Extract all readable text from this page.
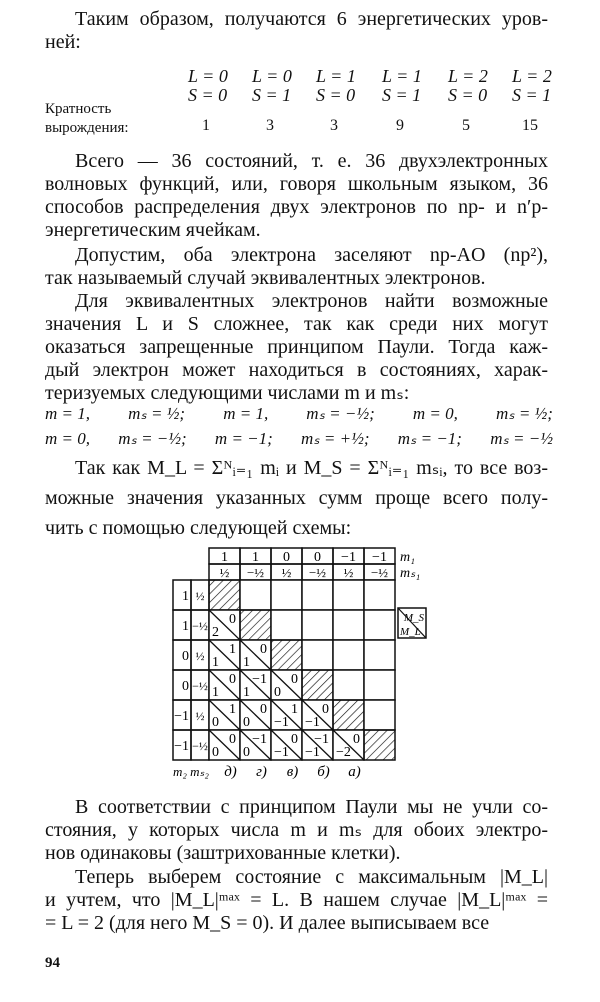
Таким образом, получаются 6 энергетических уров-
ней:
L = 0
S = 0
1
L = 0
S = 1
3
L = 1
S = 0
3
L = 1
S = 1
9
L = 2
S = 0
5
L = 2
S = 1
15
Кратность
вырождения:
Всего — 36 состояний, т. е. 36 двухэлектронных
волновых функций, или, говоря школьным языком, 36
способов распределения двух электронов по np- и n′p-
энергетическим ячейкам.
Допустим, оба электрона заселяют np-AO (np²),
так называемый случай эквивалентных электронов.
Для эквивалентных электронов найти возможные
значения L и S сложнее, так как среди них могут
оказаться запрещенные принципом Паули. Тогда каж-
дый электрон может находиться в состояниях, харак-
теризуемых следующими числами m и mₛ:
m = 1, mₛ = ½; m = 1, mₛ = −½; m = 0, mₛ = ½;
m = 0, mₛ = −½; m = −1; mₛ = +½; mₛ = −1; mₛ = −½
Так как M_L = Σᴺᵢ₌₁ mᵢ и M_S = Σᴺᵢ₌₁ mₛᵢ, то все воз-
можные значения указанных сумм проще всего полу-
чить с помощью следующей схемы:
В соответствии с принципом Паули мы не учли со-
стояния, у которых числа m и mₛ для обоих электро-
нов одинаковы (заштрихованные клетки).
Теперь выберем состояние с максимальным |M_L|
и учтем, что |M_L|ᵐᵃˣ = L. В нашем случае |M_L|ᵐᵃˣ =
= L = 2 (для него M_S = 0). И далее выписываем все
1
½
1
−½
0
½
0
−½
−1
½
−1
−½
m₁
mₛ₁
1 ½
1 −½ 0
2
0 ½ 1
1
0
1
0 −½ 0
1
−1
1
0
0
−1 ½ 1
0
0
0
1
−1
0
−1
−1 −½ 0
0
−1
0
0
−1
−1
−1
0
−2
m₂ mₛ₂ д) г) в) б) а)
M_S
M_L
94
